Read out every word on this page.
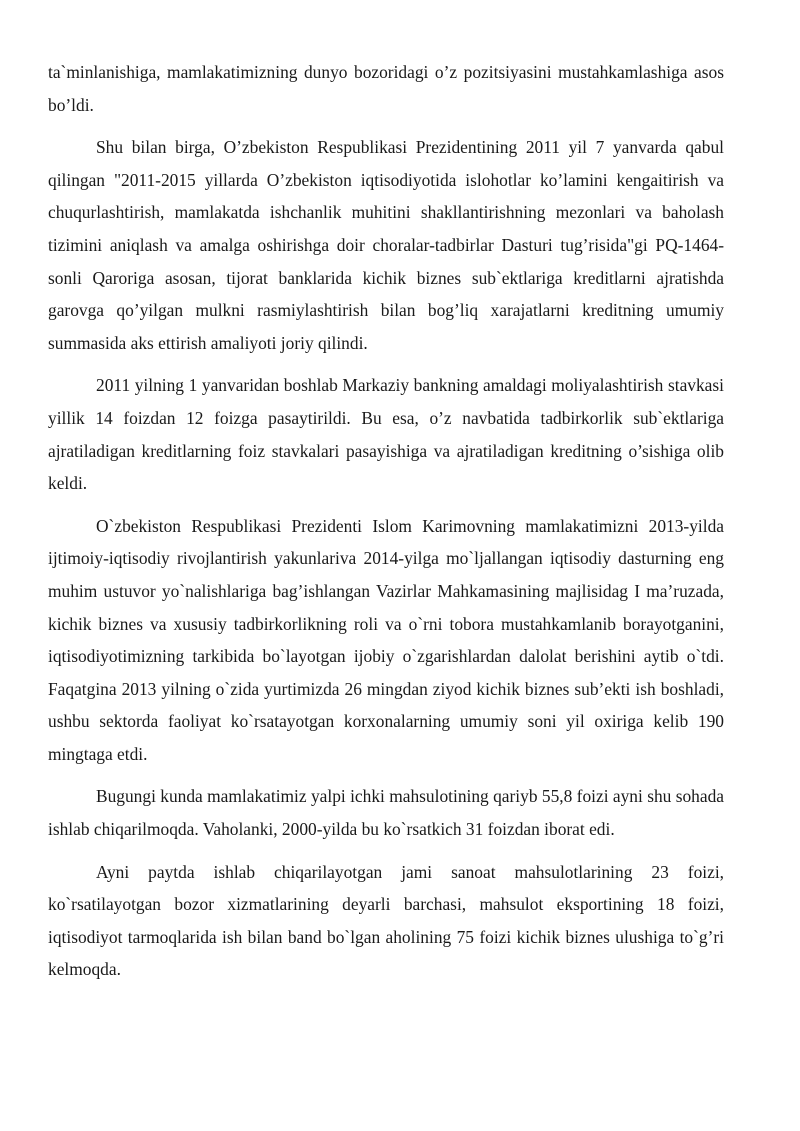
ta`minlanishiga, mamlakatimizning dunyo bozoridagi o’z pozitsiyasini mustahkamlashiga asos bo’ldi.

Shu bilan birga, O’zbekiston Respublikasi Prezidentining 2011 yil 7 yanvarda qabul qilingan "2011-2015 yillarda O’zbekiston iqtisodiyotida islohotlar ko’lamini kengaitirish va chuqurlashtirish, mamlakatda ishchanlik muhitini shakllantirishning mezonlari va baholash tizimini aniqlash va amalga oshirishga doir choralar-tadbirlar Dasturi tug’risida"gi PQ-1464-sonli Qaroriga asosan, tijorat banklarida kichik biznes sub`ektlariga kreditlarni ajratishda garovga qo’yilgan mulkni rasmiylashtirish bilan bog’liq xarajatlarni kreditning umumiy summasida aks ettirish amaliyoti joriy qilindi.

2011 yilning 1 yanvaridan boshlab Markaziy bankning amaldagi moliyalashtirish stavkasi yillik 14 foizdan 12 foizga pasaytirildi. Bu esa, o’z navbatida tadbirkorlik sub`ektlariga ajratiladigan kreditlarning foiz stavkalari pasayishiga va ajratiladigan kreditning o’sishiga olib keldi.

O`zbekiston Respublikasi Prezidenti Islom Karimovning mamlakatimizni 2013-yilda ijtimoiy-iqtisodiy rivojlantirish yakunlariva 2014-yilga mo`ljallangan iqtisodiy dasturning eng muhim ustuvor yo`nalishlariga bag’ishlangan Vazirlar Mahkamasining majlisidag I ma’ruzada, kichik biznes va xususiy tadbirkorlikning roli va o`rni tobora mustahkamlanib borayotganini, iqtisodiyotimizning tarkibida bo`layotgan ijobiy o`zgarishlardan dalolat berishini aytib o`tdi. Faqatgina 2013 yilning o`zida yurtimizda 26 mingdan ziyod kichik biznes sub’ekti ish boshladi, ushbu sektorda faoliyat ko`rsatayotgan korxonalarning umumiy soni yil oxiriga kelib 190 mingtaga etdi.

Bugungi kunda mamlakatimiz yalpi ichki mahsulotining qariyb 55,8 foizi ayni shu sohada ishlab chiqarilmoqda. Vaholanki, 2000-yilda bu ko`rsatkich 31 foizdan iborat edi.

Ayni paytda ishlab chiqarilayotgan jami sanoat mahsulotlarining 23 foizi, ko`rsatilayotgan bozor xizmatlarining deyarli barchasi, mahsulot eksportining 18 foizi, iqtisodiyot tarmoqlarida ish bilan band bo`lgan aholining 75 foizi kichik biznes ulushiga to`g’ri kelmoqda.
